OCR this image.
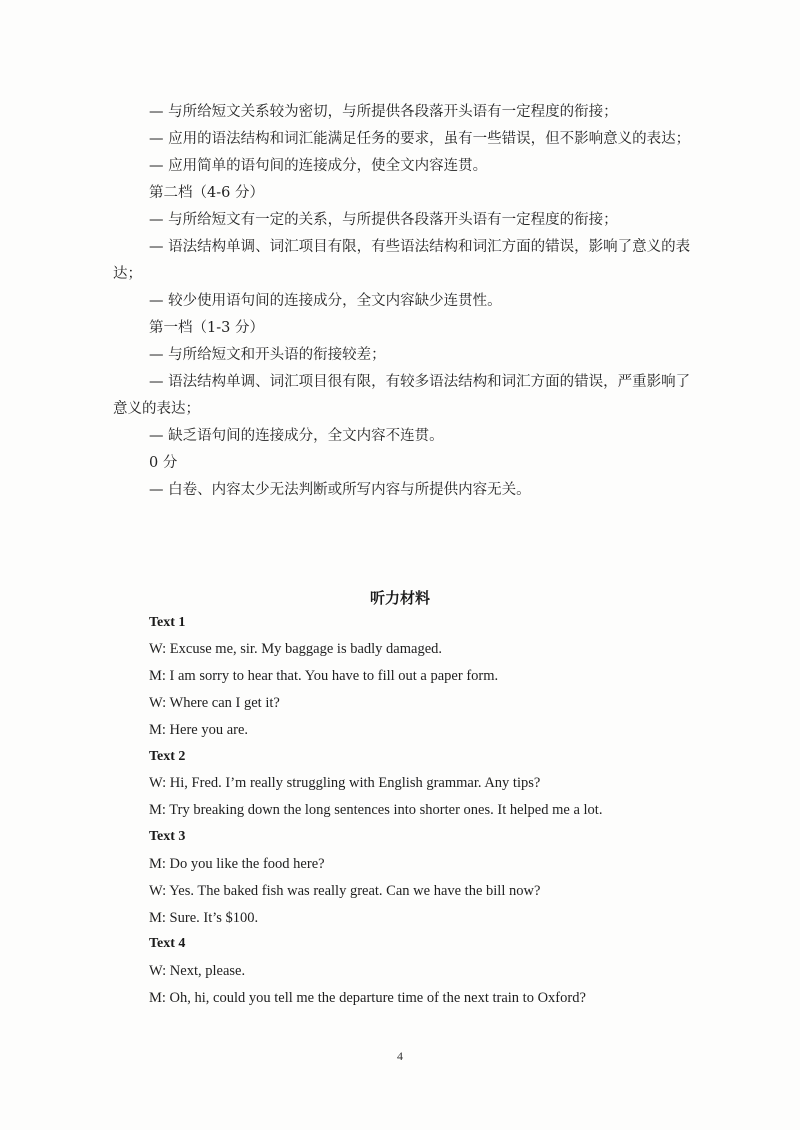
— 与所给短文关系较为密切，与所提供各段落开头语有一定程度的衔接；
— 应用的语法结构和词汇能满足任务的要求，虽有一些错误，但不影响意义的表达；
— 应用简单的语句间的连接成分，使全文内容连贯。
第二档（4-6 分）
— 与所给短文有一定的关系，与所提供各段落开头语有一定程度的衔接；
— 语法结构单调、词汇项目有限，有些语法结构和词汇方面的错误，影响了意义的表
达；
— 较少使用语句间的连接成分，全文内容缺少连贯性。
第一档（1-3 分）
— 与所给短文和开头语的衔接较差；
— 语法结构单调、词汇项目很有限，有较多语法结构和词汇方面的错误，严重影响了
意义的表达；
— 缺乏语句间的连接成分，全文内容不连贯。
0 分
— 白卷、内容太少无法判断或所写内容与所提供内容无关。
听力材料
Text 1
W: Excuse me, sir. My baggage is badly damaged.
M: I am sorry to hear that. You have to fill out a paper form.
W: Where can I get it?
M: Here you are.
Text 2
W: Hi, Fred. I’m really struggling with English grammar. Any tips?
M: Try breaking down the long sentences into shorter ones. It helped me a lot.
Text 3
M: Do you like the food here?
W: Yes. The baked fish was really great. Can we have the bill now?
M: Sure. It’s $100.
Text 4
W: Next, please.
M: Oh, hi, could you tell me the departure time of the next train to Oxford?
4
